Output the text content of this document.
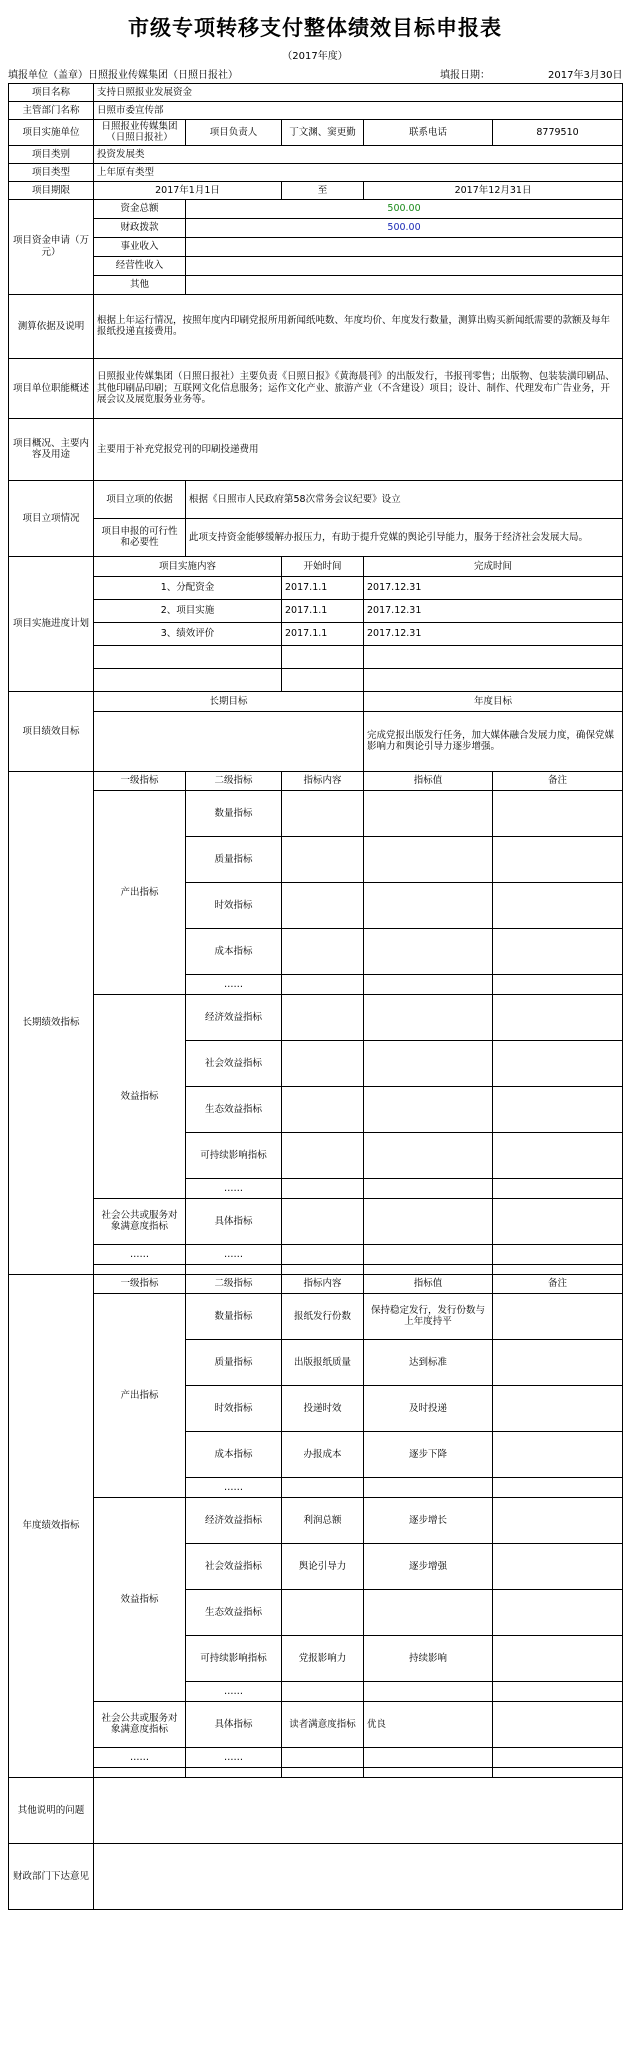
市级专项转移支付整体绩效目标申报表
（2017年度）
填报单位（盖章）日照报业传媒集团（日照日报社）	填报日期：	2017年3月30日
项目名称	支持日照报业发展资金				
主管部门名称	日照市委宣传部				
项目实施单位	日照报业传媒集团（日照日报社）	项目负责人	丁文渊、窦更勤	联系电话	8779510
项目类别	投资发展类				
项目类型	上年原有类型				
项目期限	2017年1月1日		至	2017年12月31日	
项目资金申请（万元）	资金总额	500.00			
	财政拨款	500.00			
	事业收入				
	经营性收入				
	其他				
测算依据及说明	根据上年运行情况，按照年度内印刷党报所用新闻纸吨数、年度均价、年度发行数量，测算出购买新闻纸需要的款额及每年报纸投递直接费用。				
项目单位职能概述	日照报业传媒集团（日照日报社）主要负责《日照日报》《黄海晨刊》的出版发行，书报刊零售；出版物、包装装潢印刷品、其他印刷品印刷；互联网文化信息服务；运作文化产业、旅游产业（不含建设）项目；设计、制作、代理发布广告业务，开展会议及展览服务业务等。				
项目概况、主要内容及用途	主要用于补充党报党刊的印刷投递费用				
项目立项情况	项目立项的依据	根据《日照市人民政府第58次常务会议纪要》设立			
	项目申报的可行性和必要性	此项支持资金能够缓解办报压力，有助于提升党媒的舆论引导能力，服务于经济社会发展大局。			
项目实施进度计划	项目实施内容		开始时间	完成时间	
	1、分配资金		2017.1.1	2017.12.31	
	2、项目实施		2017.1.1	2017.12.31	
	3、绩效评价		2017.1.1	2017.12.31	

项目绩效目标	长期目标			年度目标	
				完成党报出版发行任务，加大媒体融合发展力度，确保党媒影响力和舆论引导力逐步增强。	
长期绩效指标	一级指标	二级指标	指标内容	指标值	备注
	产出指标	数量指标			
		质量指标			
		时效指标			
		成本指标			
		……			
	效益指标	经济效益指标			
		社会效益指标			
		生态效益指标			
		可持续影响指标			
		……			
	社会公共或服务对象满意度指标	具体指标			
	……	……			

年度绩效指标	一级指标	二级指标	指标内容	指标值	备注
	产出指标	数量指标	报纸发行份数	保持稳定发行，发行份数与上年度持平	
		质量指标	出版报纸质量	达到标准	
		时效指标	投递时效	及时投递	
		成本指标	办报成本	逐步下降	
		……			
	效益指标	经济效益指标	利润总额	逐步增长	
		社会效益指标	舆论引导力	逐步增强	
		生态效益指标			
		可持续影响指标	党报影响力	持续影响	
		……			
	社会公共或服务对象满意度指标	具体指标	读者满意度指标	优良	
	……	……			

其他说明的问题					
财政部门下达意见					
